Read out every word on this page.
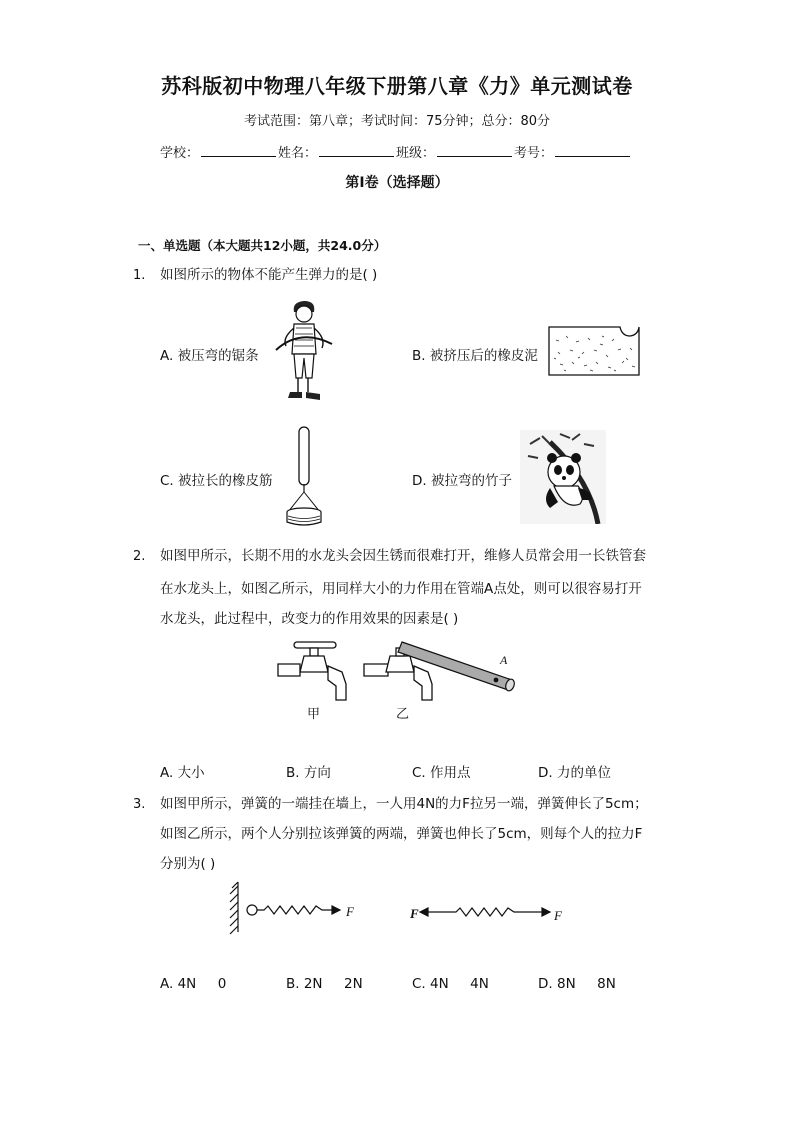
苏科版初中物理八年级下册第八章《力》单元测试卷
考试范围：第八章；考试时间：75分钟；总分：80分
学校：	姓名：	班级：	考号：
第I卷（选择题）
一、单选题（本大题共12小题，共24.0分）
1. 如图所示的物体不能产生弹力的是( )
A. 被压弯的锯条	B. 被挤压后的橡皮泥
C. 被拉长的橡皮筋	D. 被拉弯的竹子
2. 如图甲所示，长期不用的水龙头会因生锈而很难打开，维修人员常会用一长铁管套
在水龙头上，如图乙所示，用同样大小的力作用在管端A点处，则可以很容易打开
水龙头，此过程中，改变力的作用效果的因素是( )
甲
A
乙
A. 大小	B. 方向	C. 作用点	D. 力的单位
3. 如图甲所示，弹簧的一端挂在墙上，一人用4N的力F拉另一端，弹簧伸长了5cm；
如图乙所示，两个人分别拉该弹簧的两端，弹簧也伸长了5cm，则每个人的拉力F
分别为( )
F	F	F
A. 4N     0	B. 2N     2N	C. 4N     4N	D. 8N     8N
